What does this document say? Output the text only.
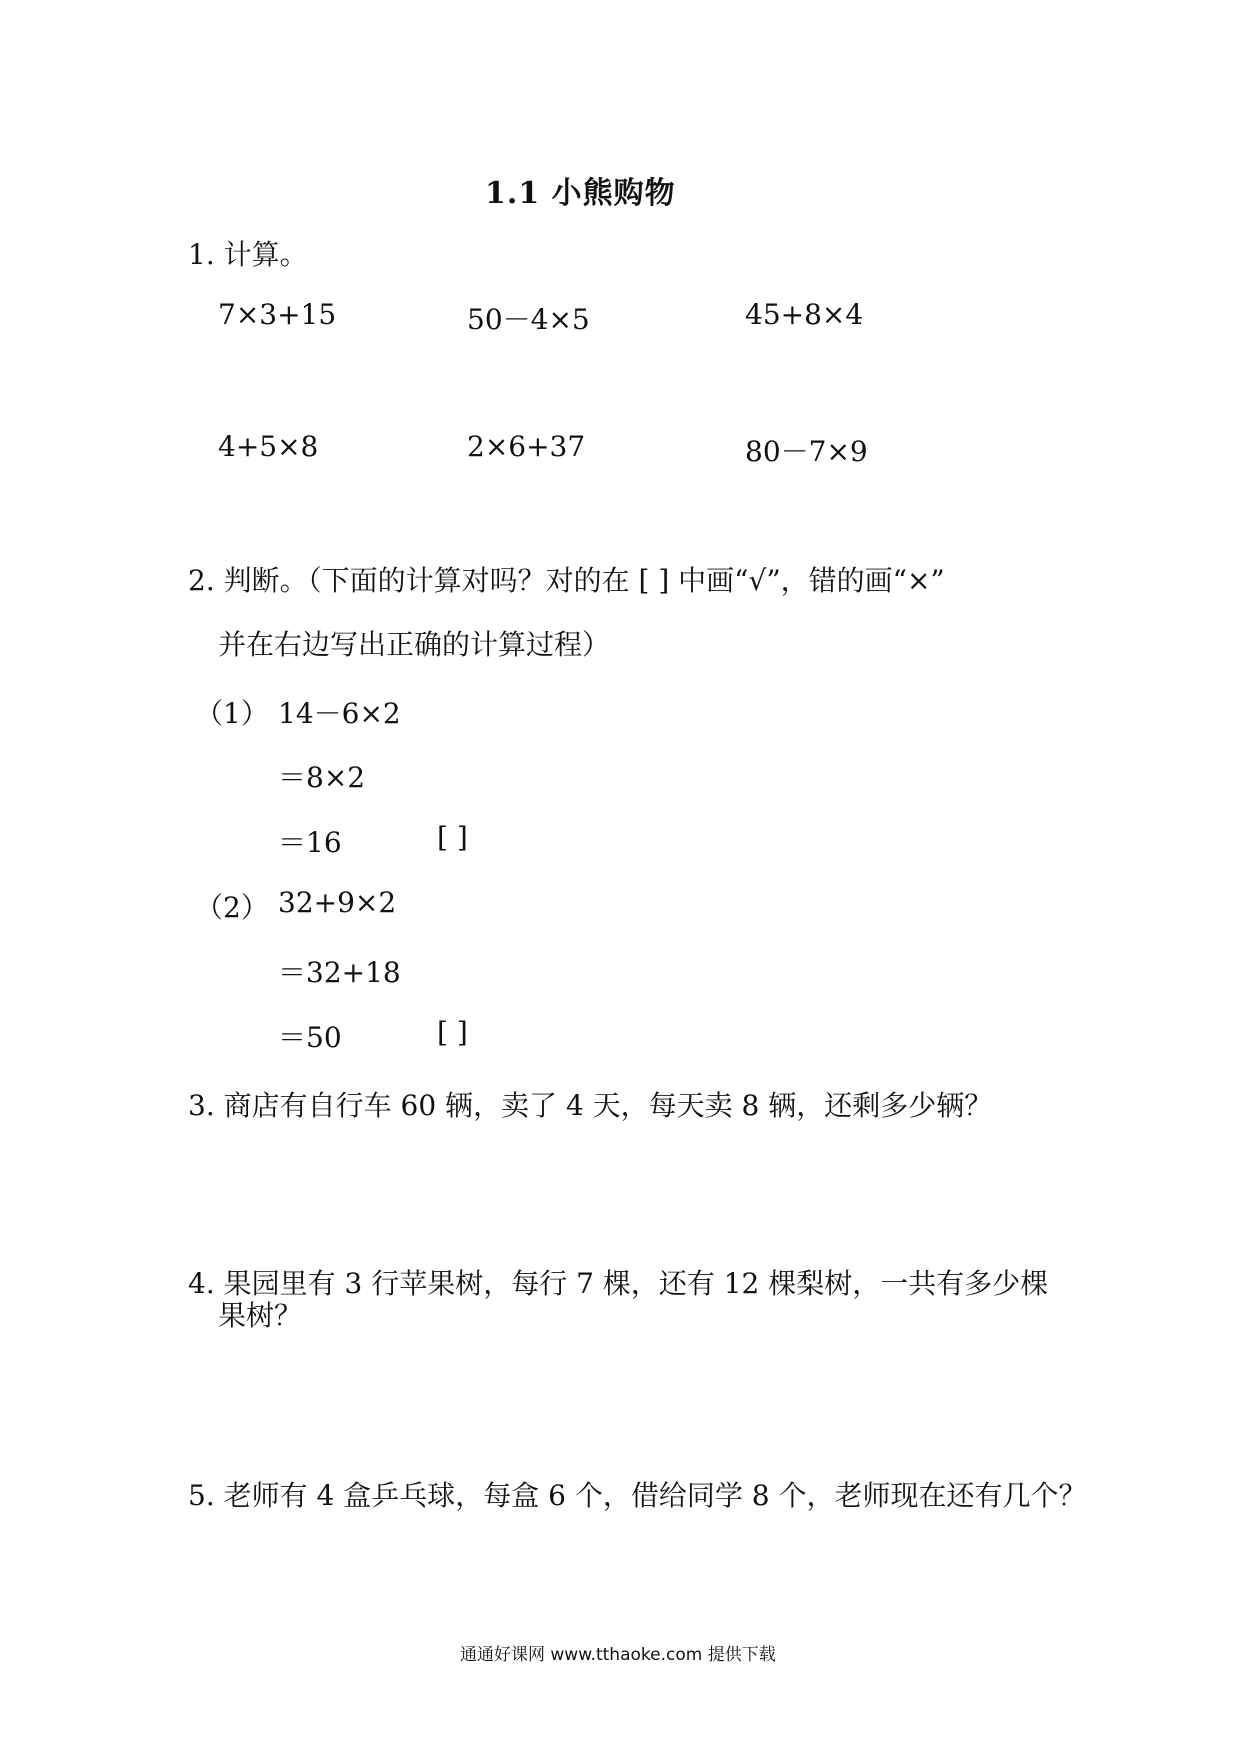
1.1 小熊购物
1. 计算。
7×3+15	50－4×5	45+8×4
4+5×8	2×6+37	80－7×9
2. 判断。（下面的计算对吗？对的在 [ ] 中画“√”，错的画“×”
并在右边写出正确的计算过程）
（1） 14－6×2
＝8×2
＝16	[ ]
（2） 32+9×2
＝32+18
＝50	[ ]
3. 商店有自行车 60 辆，卖了 4 天，每天卖 8 辆，还剩多少辆？
4. 果园里有 3 行苹果树，每行 7 棵，还有 12 棵梨树，一共有多少棵
果树？
5. 老师有 4 盒乒乓球，每盒 6 个，借给同学 8 个，老师现在还有几个？
通通好课网 www.tthaoke.com 提供下载
